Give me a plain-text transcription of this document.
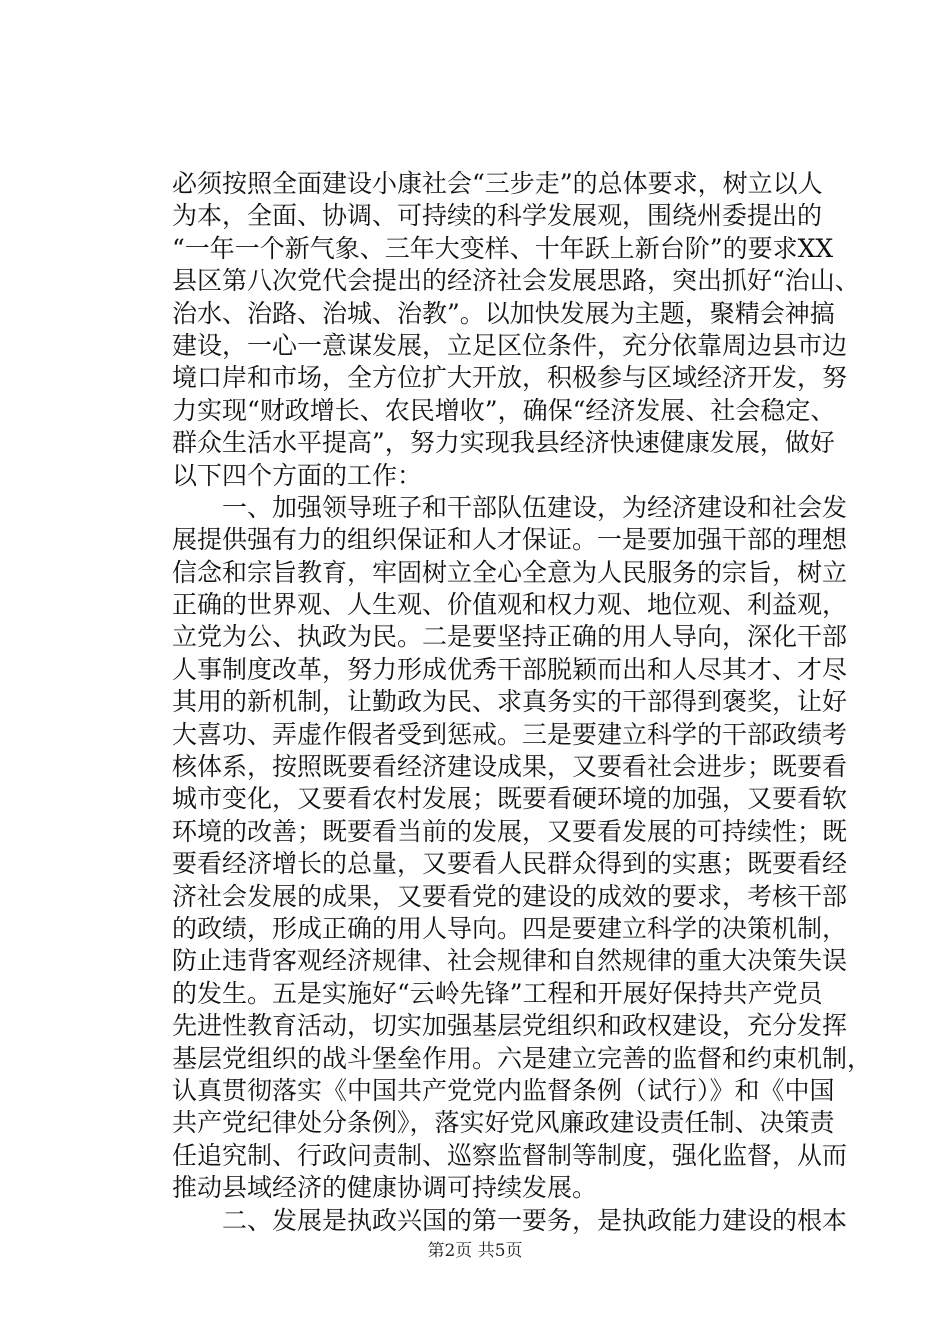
必须按照全面建设小康社会“三步走”的总体要求，树立以人
为本，全面、协调、可持续的科学发展观，围绕州委提出的
“一年一个新气象、三年大变样、十年跃上新台阶”的要求XX
县区第八次党代会提出的经济社会发展思路，突出抓好“治山、
治水、治路、治城、治教”。以加快发展为主题，聚精会神搞
建设，一心一意谋发展，立足区位条件，充分依靠周边县市边
境口岸和市场，全方位扩大开放，积极参与区域经济开发，努
力实现“财政增长、农民增收”，确保“经济发展、社会稳定、
群众生活水平提高”，努力实现我县经济快速健康发展，做好
以下四个方面的工作：
　　一、加强领导班子和干部队伍建设，为经济建设和社会发
展提供强有力的组织保证和人才保证。一是要加强干部的理想
信念和宗旨教育，牢固树立全心全意为人民服务的宗旨，树立
正确的世界观、人生观、价值观和权力观、地位观、利益观，
立党为公、执政为民。二是要坚持正确的用人导向，深化干部
人事制度改革，努力形成优秀干部脱颖而出和人尽其才、才尽
其用的新机制，让勤政为民、求真务实的干部得到褒奖，让好
大喜功、弄虚作假者受到惩戒。三是要建立科学的干部政绩考
核体系，按照既要看经济建设成果，又要看社会进步；既要看
城市变化，又要看农村发展；既要看硬环境的加强，又要看软
环境的改善；既要看当前的发展，又要看发展的可持续性；既
要看经济增长的总量，又要看人民群众得到的实惠；既要看经
济社会发展的成果，又要看党的建设的成效的要求，考核干部
的政绩，形成正确的用人导向。四是要建立科学的决策机制，
防止违背客观经济规律、社会规律和自然规律的重大决策失误
的发生。五是实施好“云岭先锋”工程和开展好保持共产党员
先进性教育活动，切实加强基层党组织和政权建设，充分发挥
基层党组织的战斗堡垒作用。六是建立完善的监督和约束机制，
认真贯彻落实《中国共产党党内监督条例（试行）》和《中国
共产党纪律处分条例》，落实好党风廉政建设责任制、决策责
任追究制、行政问责制、巡察监督制等制度，强化监督，从而
推动县域经济的健康协调可持续发展。
　　二、发展是执政兴国的第一要务，是执政能力建设的根本
第2页 共5页
